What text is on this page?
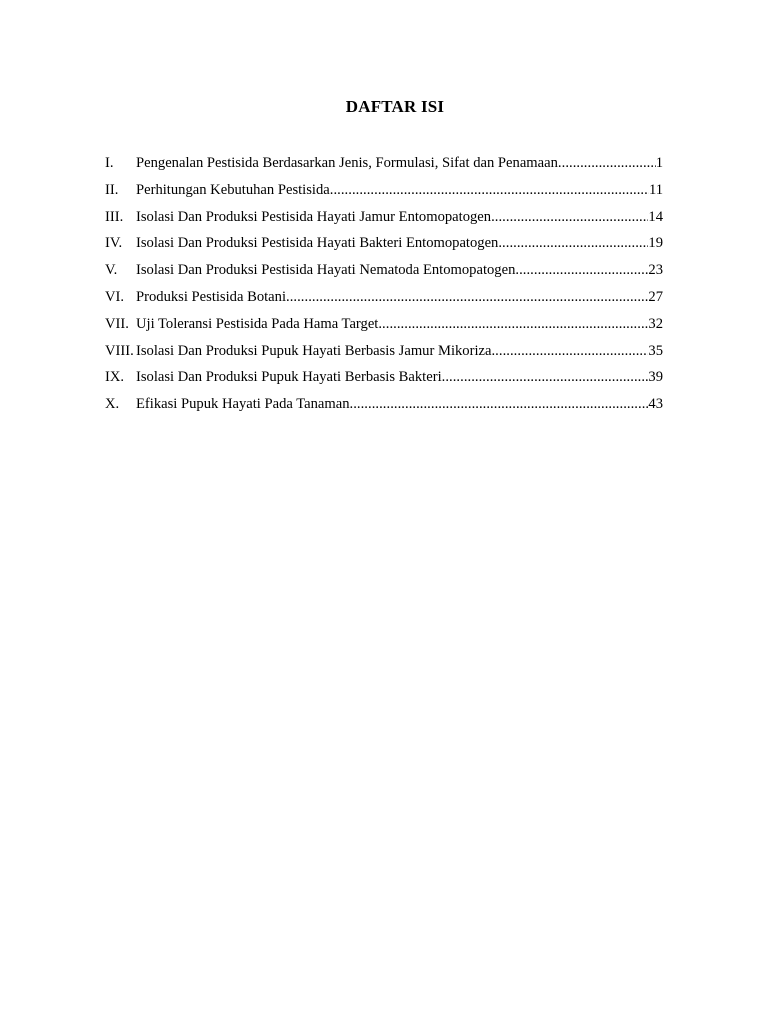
DAFTAR ISI
I. Pengenalan Pestisida Berdasarkan Jenis, Formulasi, Sifat dan Penamaan .....	1
II. Perhitungan Kebutuhan Pestisida .....	11
III. Isolasi Dan Produksi Pestisida Hayati Jamur Entomopatogen .....	14
IV. Isolasi Dan Produksi Pestisida Hayati Bakteri Entomopatogen .....	19
V. Isolasi Dan Produksi Pestisida Hayati Nematoda Entomopatogen .....	23
VI. Produksi Pestisida Botani .....	27
VII. Uji Toleransi Pestisida Pada Hama Target .....	32
VIII. Isolasi Dan Produksi Pupuk Hayati Berbasis Jamur Mikoriza .....	35
IX. Isolasi Dan Produksi Pupuk Hayati Berbasis Bakteri .....	39
X. Efikasi Pupuk Hayati Pada Tanaman .....	43
